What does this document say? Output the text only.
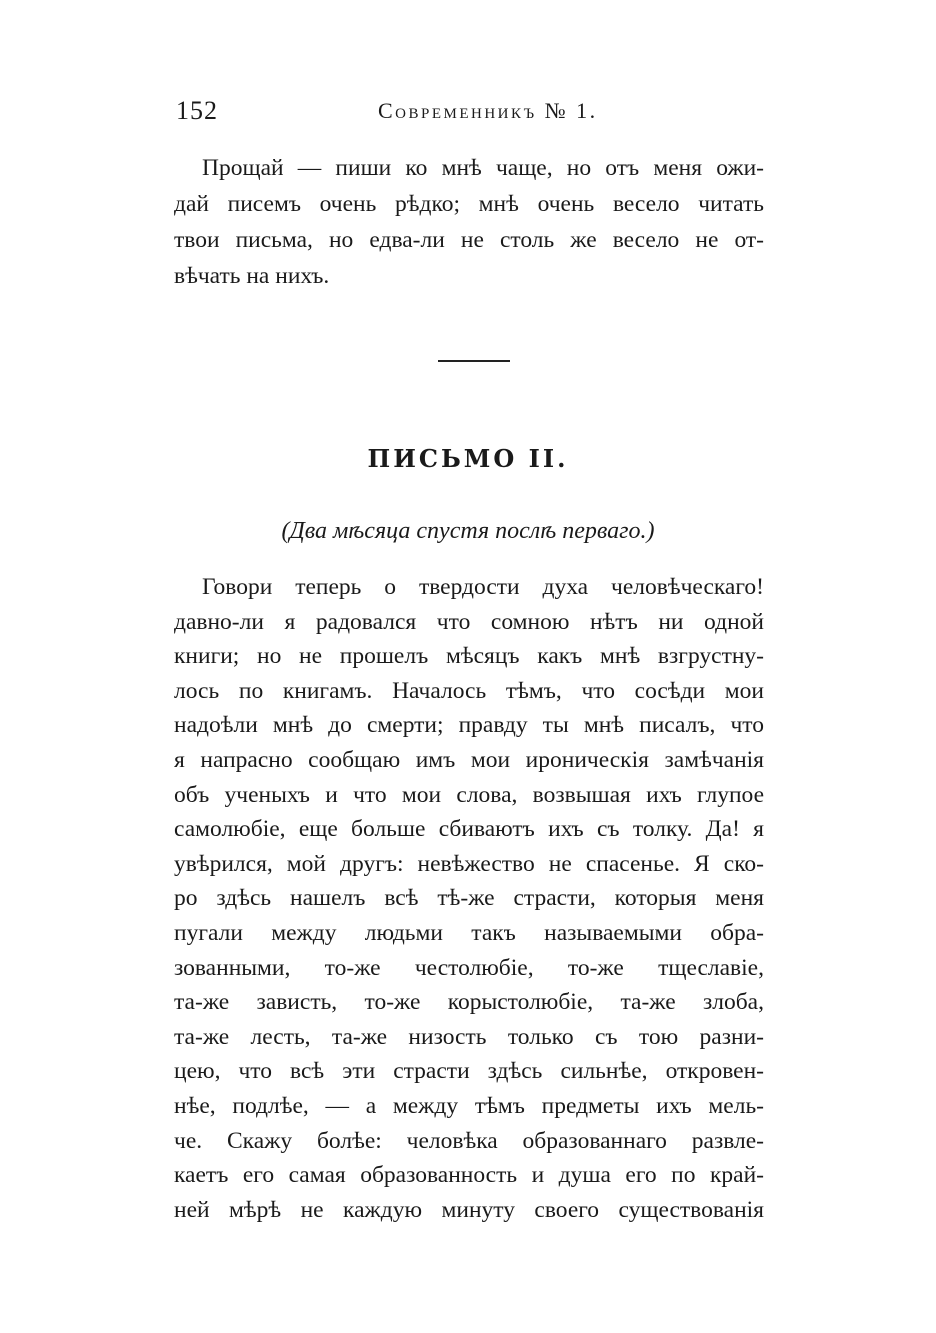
152	Современникъ № 1.
Прощай — пиши ко мнѣ чаще, но отъ меня ожи-
дай писемъ очень рѣдко; мнѣ очень весело читать
твои письма, но едва-ли не столь же весело не от-
вѣчать на нихъ.
ПИСЬМО II.
(Два мѣсяца спустя послѣ перваго.)
Говори теперь о твердости духа человѣческаго!
давно-ли я радовался что сомною нѣтъ ни одной
книги; но не прошелъ мѣсяцъ какъ мнѣ взгрустну-
лось по книгамъ. Началось тѣмъ, что сосѣди мои
надоѣли мнѣ до смерти; правду ты мнѣ писалъ, что
я напрасно сообщаю имъ мои ироническія замѣчанія
объ ученыхъ и что мои слова, возвышая ихъ глупое
самолюбіе, еще больше сбиваютъ ихъ съ толку. Да! я
увѣрился, мой другъ: невѣжество не спасенье. Я ско-
ро здѣсь нашелъ всѣ тѣ-же страсти, которыя меня
пугали между людьми такъ называемыми обра-
зованными, то-же честолюбіе, то-же тщеславіе,
та-же зависть, то-же корыстолюбіе, та-же злоба,
та-же лесть, та-же низость только съ тою разни-
цею, что всѣ эти страсти здѣсь сильнѣе, откровен-
нѣе, подлѣе, — а между тѣмъ предметы ихъ мель-
че. Скажу болѣе: человѣка образованнаго развле-
каетъ его самая образованность и душа его по край-
ней мѣрѣ не каждую минуту своего существованія
